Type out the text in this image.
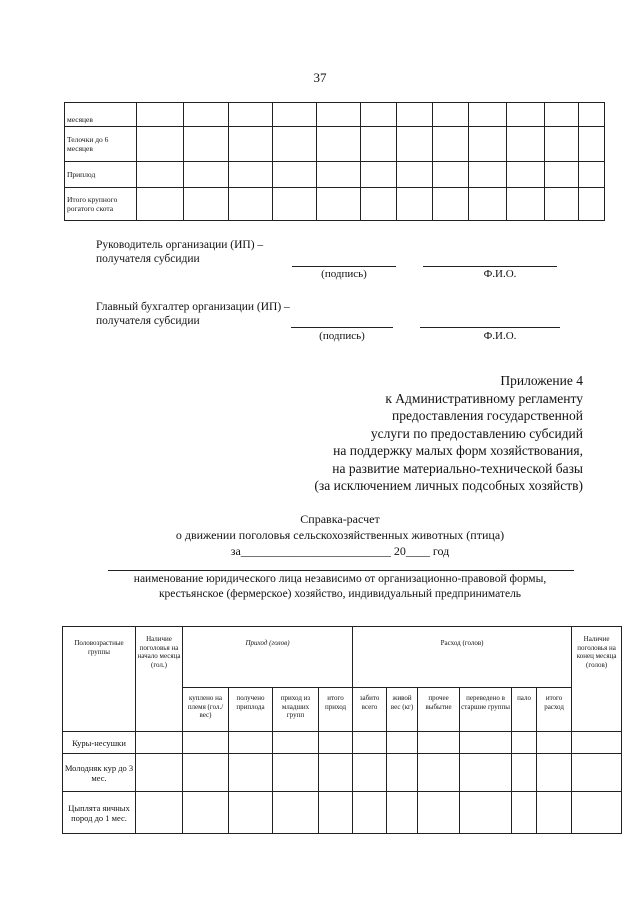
37
месяцев												
Телочки до 6 месяцев												
Приплод												
Итого крупного рогатого скота												
Руководитель организации (ИП) –
получателя субсидии
(подпись)	Ф.И.О.
Главный бухгалтер организации (ИП) –
получателя субсидии
(подпись)	Ф.И.О.
Приложение 4
к Административному регламенту
предоставления государственной
услуги по предоставлению субсидий
на поддержку малых форм хозяйствования,
на развитие материально-технической базы
(за исключением личных подсобных хозяйств)
Справка-расчет
о движении поголовья сельскохозяйственных животных (птица)
за_________________________ 20____ год
наименование юридического лица независимо от организационно-правовой формы,
крестьянское (фермерское) хозяйство, индивидуальный предприниматель
Половозрастные группы	Наличие поголовья на начало месяца (гол.)	Приход (голов)				Расход (голов)						Наличие поголовья на конец месяца (голов)
		куплено на племя (гол./вес)	получено приплода	приход из младших групп	итого приход	забито всего	живой вес (кг)	прочее выбытие	переведено в старшие группы	пало	итого расход	
Куры-несушки												
Молодняк кур до 3 мес.												
Цыплята яичных пород до 1 мес.												
